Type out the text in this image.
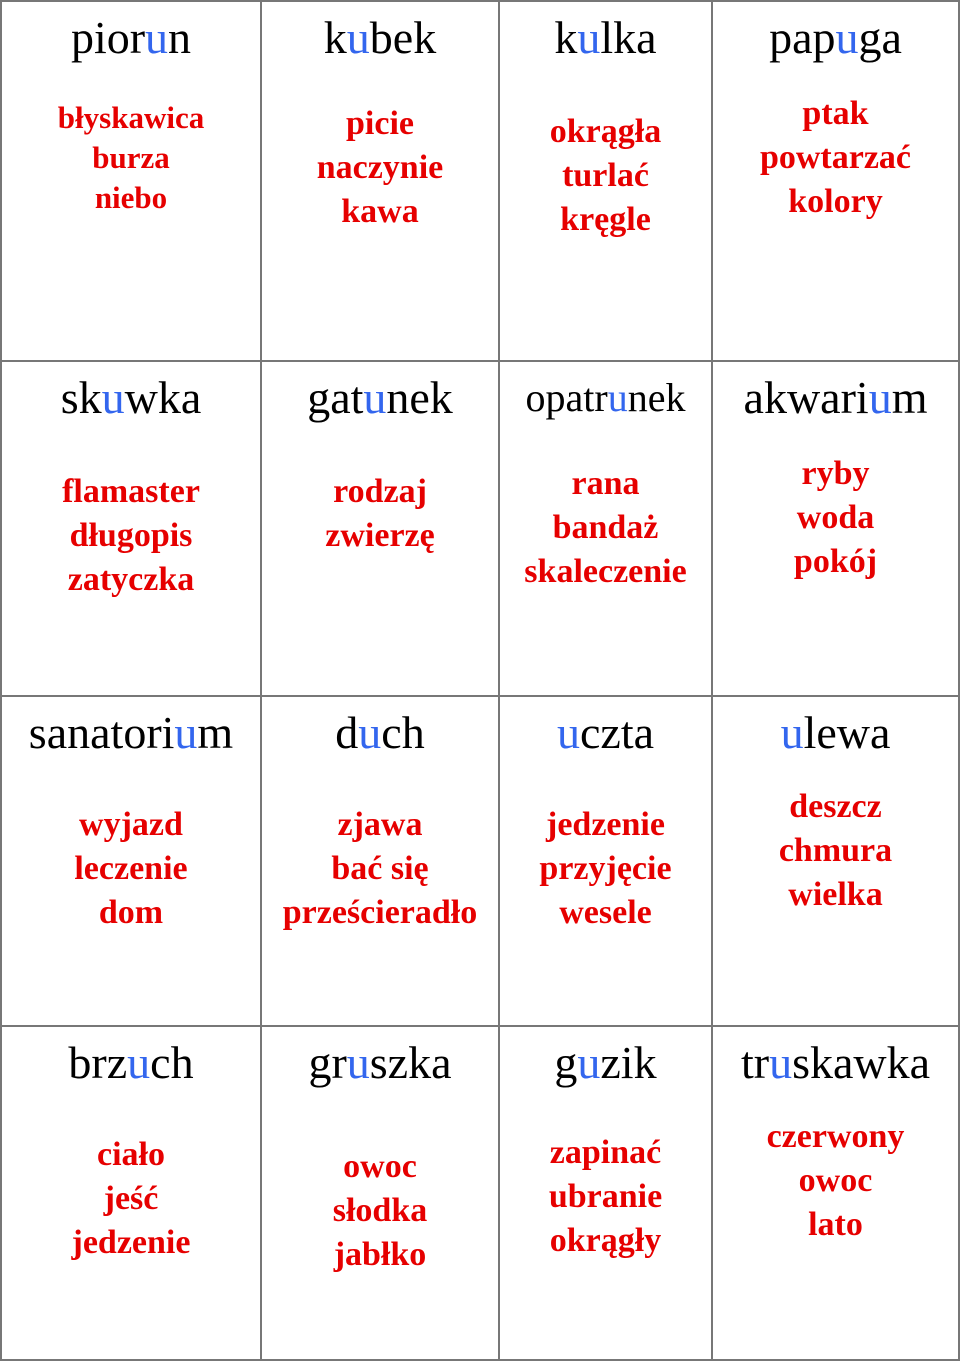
piorun
błyskawica
burza
niebo
kubek
picie
naczynie
kawa
kulka
okrągła
turlać
kręgle
papuga
ptak
powtarzać
kolory
skuwka
flamaster
długopis
zatyczka
gatunek
rodzaj
zwierzę
opatrunek
rana
bandaż
skaleczenie
akwarium
ryby
woda
pokój
sanatorium
wyjazd
leczenie
dom
duch
zjawa
bać się
prześcieradło
uczta
jedzenie
przyjęcie
wesele
ulewa
deszcz
chmura
wielka
brzuch
ciało
jeść
jedzenie
gruszka
owoc
słodka
jabłko
guzik
zapinać
ubranie
okrągły
truskawka
czerwony
owoc
lato
